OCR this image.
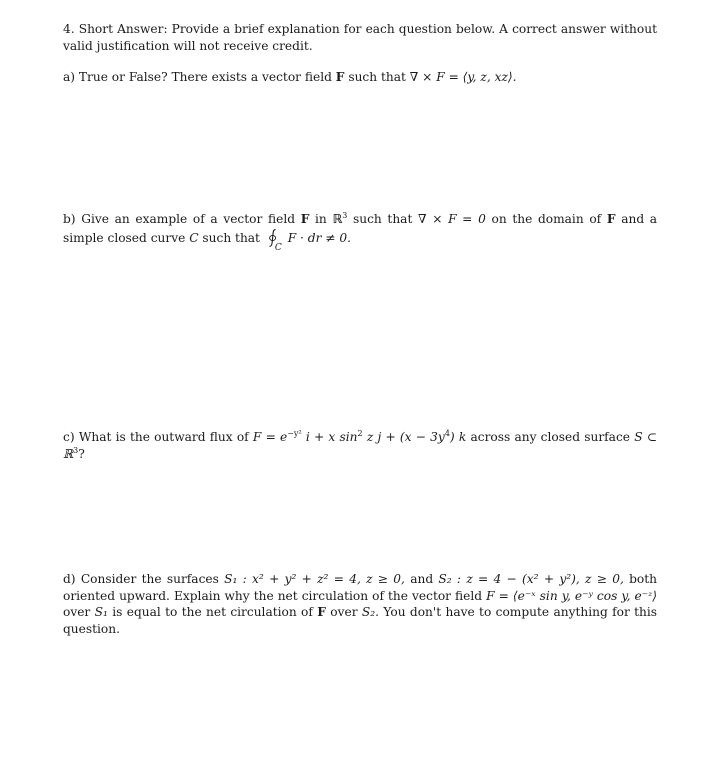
4. Short Answer: Provide a brief explanation for each question below. A correct answer without valid justification will not receive credit.
a) True or False? There exists a vector field F such that ∇ × F = ⟨y, z, xz⟩.
b) Give an example of a vector field F in ℝ$^3$ such that ∇ × F = 0 on the domain of F and a simple closed curve C such that
C
F · dr ≠ 0.
c) What is the outward flux of $F = e^{-y^2}$ i + x $\sin^2 z$ $j + (x - 3y^4)$ k across any closed surface S ⊂ ℝ$^3$?
d) Consider the surfaces S₁ : x² + y² + z² = 4, z ≥ 0, and S₂ : z = 4 − (x² + y²), z ≥ 0, both oriented upward. Explain why the net circulation of the vector field F = ⟨e⁻ˣ sin y, e⁻ʸ cos y, e⁻ᶻ⟩ over S₁ is equal to the net circulation of F over S₂. You don't have to compute anything for this question.
